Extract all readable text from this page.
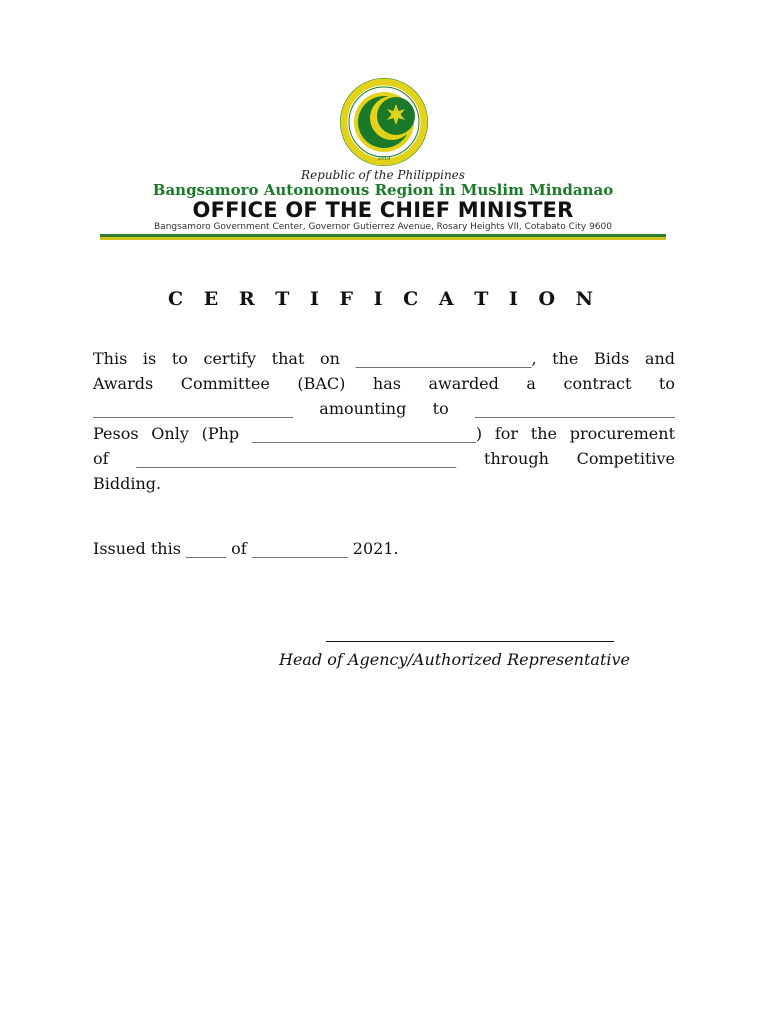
2019
Republic of the Philippines
Bangsamoro Autonomous Region in Muslim Mindanao
OFFICE OF THE CHIEF MINISTER
Bangsamoro Government Center, Governor Gutierrez Avenue, Rosary Heights VII, Cotabato City 9600
C E R T I F I C A T I O N
This is to certify that on ______________________, the Bids and
Awards Committee (BAC) has awarded a contract to
_________________________ amounting to _________________________
Pesos Only (Php ____________________________) for the procurement
of ________________________________________ through Competitive
Bidding.
Issued this _____ of ____________ 2021.
Head of Agency/Authorized Representative
